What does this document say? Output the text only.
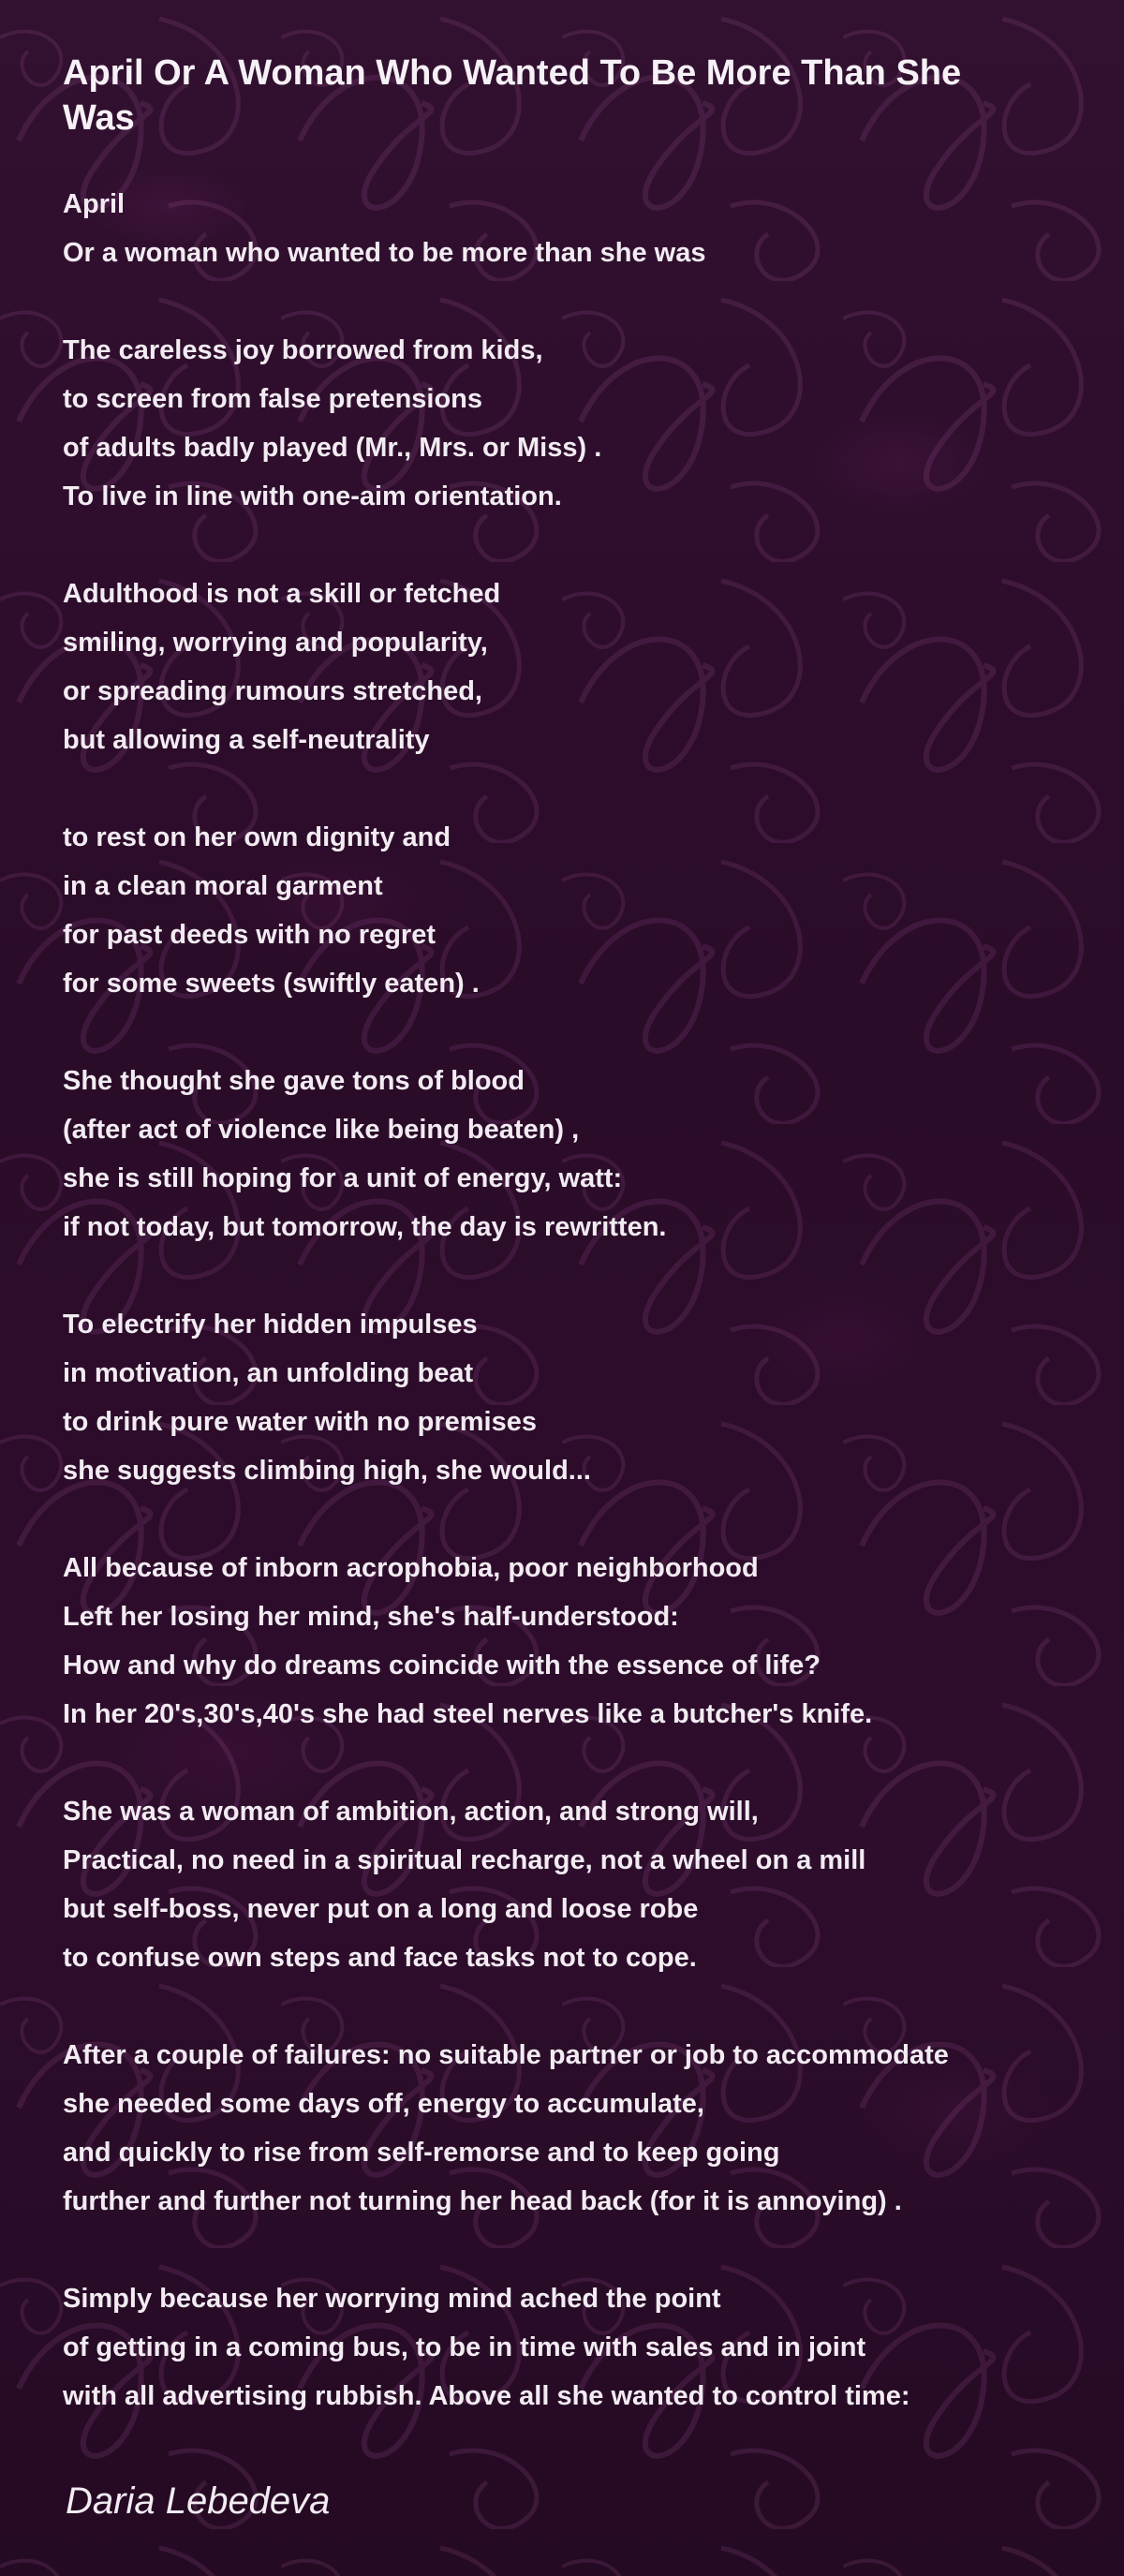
April Or A Woman Who Wanted To Be More Than She Was
April
Or a woman who wanted to be more than she was
The careless joy borrowed from kids,
to screen from false pretensions
of adults badly played (Mr., Mrs. or Miss) .
To live in line with one-aim orientation.
Adulthood is not a skill or fetched
smiling, worrying and popularity,
or spreading rumours stretched,
but allowing a self-neutrality
to rest on her own dignity and
in a clean moral garment
for past deeds with no regret
for some sweets (swiftly eaten) .
She thought she gave tons of blood
(after act of violence like being beaten) ,
she is still hoping for a unit of energy, watt:
if not today, but tomorrow, the day is rewritten.
To electrify her hidden impulses
in motivation, an unfolding beat
to drink pure water with no premises
she suggests climbing high, she would...
All because of inborn acrophobia, poor neighborhood
Left her losing her mind, she's half-understood:
How and why do dreams coincide with the essence of life?
In her 20's,30's,40's she had steel nerves like a butcher's knife.
She was a woman of ambition, action, and strong will,
Practical, no need in a spiritual recharge, not a wheel on a mill
but self-boss, never put on a long and loose robe
to confuse own steps and face tasks not to cope.
After a couple of failures: no suitable partner or job to accommodate
she needed some days off, energy to accumulate,
and quickly to rise from self-remorse and to keep going
further and further not turning her head back (for it is annoying) .
Simply because her worrying mind ached the point
of getting in a coming bus, to be in time with sales and in joint
with all advertising rubbish. Above all she wanted to control time:
Daria Lebedeva
